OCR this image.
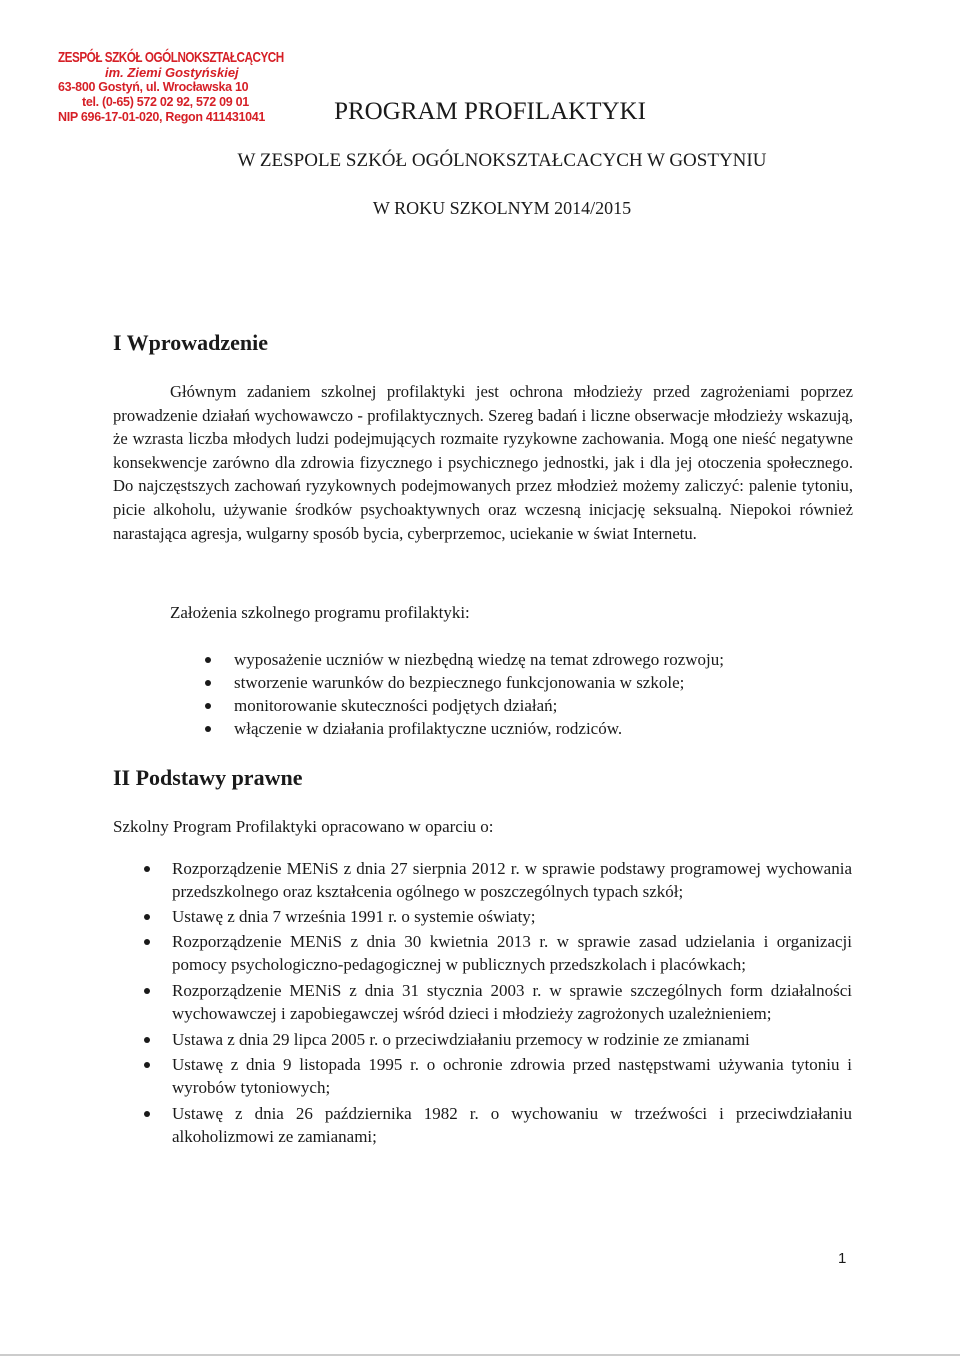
ZESPÓŁ SZKÓŁ OGÓLNOKSZTAŁCĄCYCH
im. Ziemi Gostyńskiej
63-800 Gostyń, ul. Wrocławska 10
tel. (0-65) 572 02 92, 572 09 01
NIP 696-17-01-020, Regon 411431041	PROGRAM PROFILAKTYKI
W ZESPOLE SZKÓŁ OGÓLNOKSZTAŁCACYCH W GOSTYNIU
W ROKU SZKOLNYM 2014/2015
I Wprowadzenie

Głównym zadaniem szkolnej profilaktyki jest ochrona młodzieży przed zagrożeniami poprzez prowadzenie działań wychowawczo - profilaktycznych. Szereg badań i liczne obserwacje młodzieży wskazują, że wzrasta liczba młodych ludzi podejmujących rozmaite ryzykowne zachowania. Mogą one nieść negatywne konsekwencje zarówno dla zdrowia fizycznego i psychicznego jednostki, jak i dla jej otoczenia społecznego. Do najczęstszych zachowań ryzykownych podejmowanych przez młodzież możemy zaliczyć: palenie tytoniu, picie alkoholu, używanie środków psychoaktywnych oraz wczesną inicjację seksualną. Niepokoi również narastająca agresja, wulgarny sposób bycia, cyberprzemoc, uciekanie w świat Internetu.

Założenia szkolnego programu profilaktyki:
wyposażenie uczniów w niezbędną wiedzę na temat zdrowego rozwoju;
stworzenie warunków do bezpiecznego funkcjonowania w szkole;
monitorowanie skuteczności podjętych działań;
włączenie w działania profilaktyczne uczniów, rodziców.
II Podstawy prawne
Szkolny Program Profilaktyki opracowano w oparciu o:
Rozporządzenie MENiS z dnia 27 sierpnia 2012 r. w sprawie podstawy programowej wychowania przedszkolnego oraz kształcenia ogólnego w poszczególnych typach szkół;
Ustawę z dnia 7 września 1991 r. o systemie oświaty;
Rozporządzenie MENiS z dnia 30 kwietnia 2013 r. w sprawie zasad udzielania i organizacji pomocy psychologiczno-pedagogicznej w publicznych przedszkolach i placówkach;
Rozporządzenie MENiS z dnia 31 stycznia 2003 r. w sprawie szczególnych form działalności wychowawczej i zapobiegawczej wśród dzieci i młodzieży zagrożonych uzależnieniem;
Ustawa z dnia 29 lipca 2005 r. o przeciwdziałaniu przemocy w rodzinie ze zmianami
Ustawę z dnia 9 listopada 1995 r. o ochronie zdrowia przed następstwami używania tytoniu i wyrobów tytoniowych;
Ustawę z dnia 26 października 1982 r. o wychowaniu w trzeźwości i przeciwdziałaniu alkoholizmowi ze zamianami;
1
